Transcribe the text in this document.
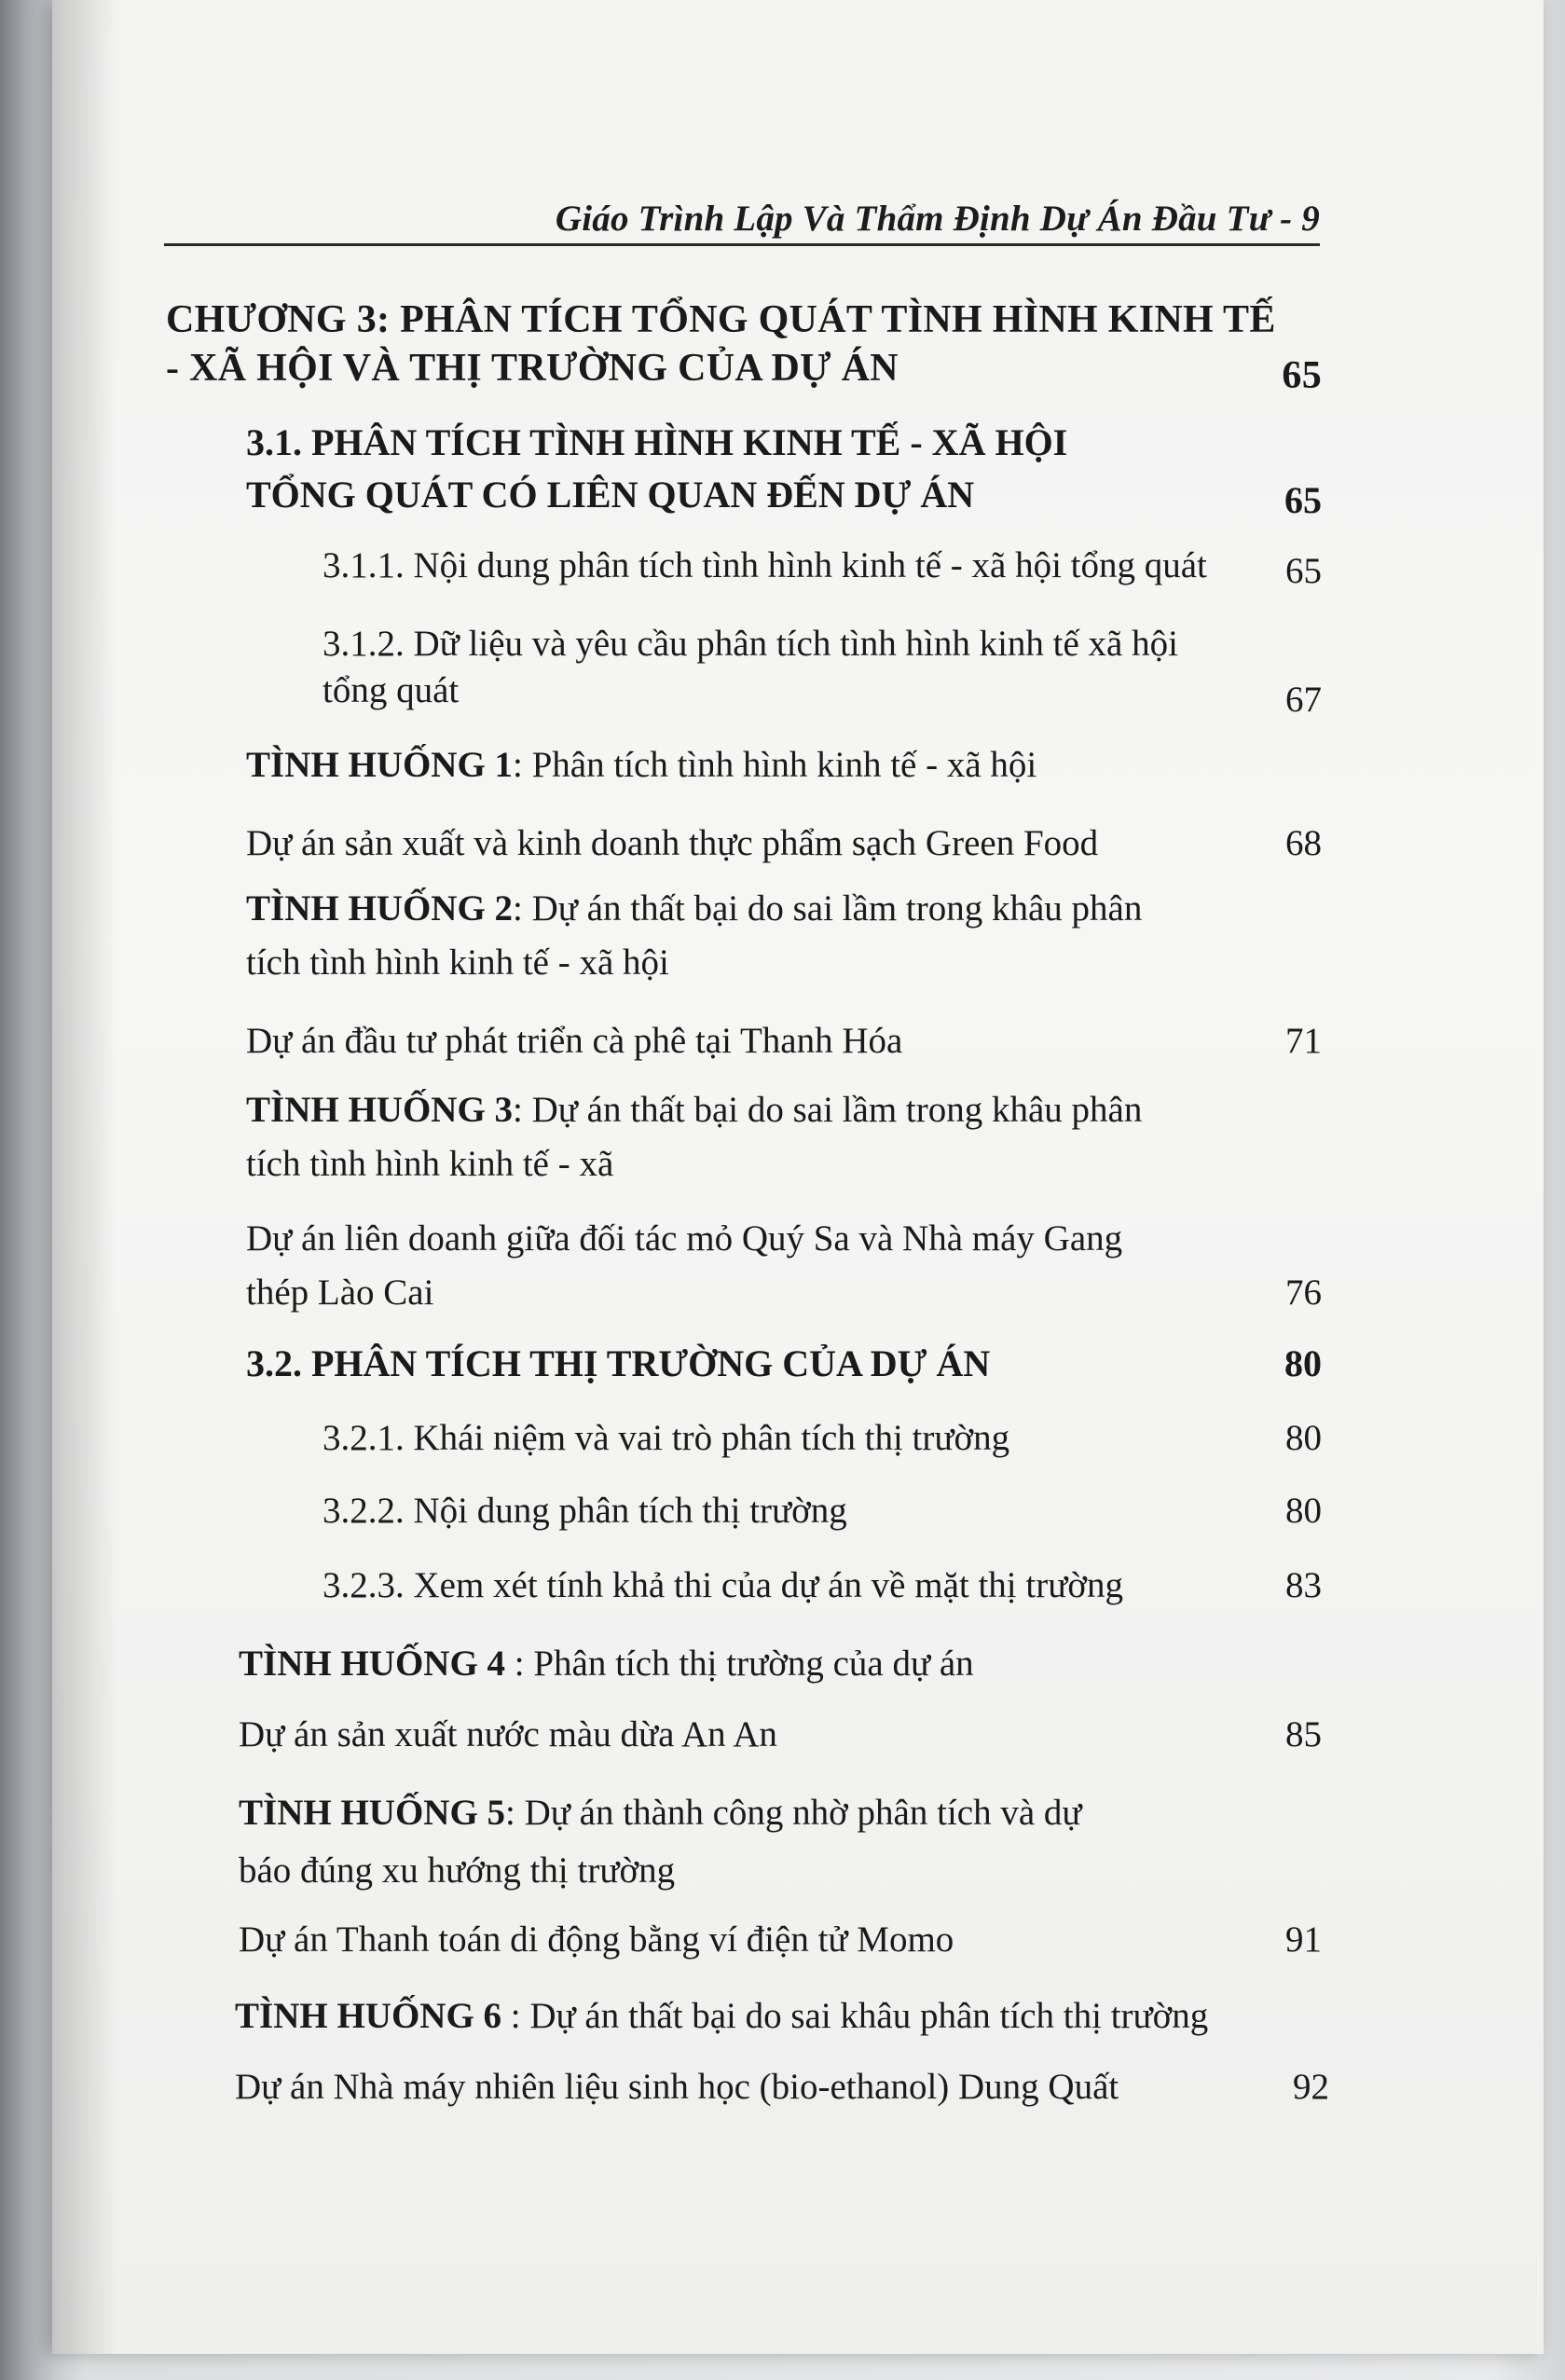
Giáo Trình Lập Và Thẩm Định Dự Án Đầu Tư - 9
CHƯƠNG 3: PHÂN TÍCH TỔNG QUÁT TÌNH HÌNH KINH TẾ
- XÃ HỘI VÀ THỊ TRƯỜNG CỦA DỰ ÁN	65
3.1. PHÂN TÍCH TÌNH HÌNH KINH TẾ - XÃ HỘI
TỔNG QUÁT CÓ LIÊN QUAN ĐẾN DỰ ÁN	65
3.1.1. Nội dung phân tích tình hình kinh tế - xã hội tổng quát	65
3.1.2. Dữ liệu và yêu cầu phân tích tình hình kinh tế xã hội
tổng quát	67
TÌNH HUỐNG 1: Phân tích tình hình kinh tế - xã hội
Dự án sản xuất và kinh doanh thực phẩm sạch Green Food	68
TÌNH HUỐNG 2: Dự án thất bại do sai lầm trong khâu phân
tích tình hình kinh tế - xã hội
Dự án đầu tư phát triển cà phê tại Thanh Hóa	71
TÌNH HUỐNG 3: Dự án thất bại do sai lầm trong khâu phân
tích tình hình kinh tế - xã
Dự án liên doanh giữa đối tác mỏ Quý Sa và Nhà máy Gang
thép Lào Cai	76
3.2. PHÂN TÍCH THỊ TRƯỜNG CỦA DỰ ÁN	80
3.2.1. Khái niệm và vai trò phân tích thị trường	80
3.2.2. Nội dung phân tích thị trường	80
3.2.3. Xem xét tính khả thi của dự án về mặt thị trường	83
TÌNH HUỐNG 4 : Phân tích thị trường của dự án
Dự án sản xuất nước màu dừa An An	85
TÌNH HUỐNG 5: Dự án thành công nhờ phân tích và dự
báo đúng xu hướng thị trường
Dự án Thanh toán di động bằng ví điện tử Momo	91
TÌNH HUỐNG 6 : Dự án thất bại do sai khâu phân tích thị trường
Dự án Nhà máy nhiên liệu sinh học (bio-ethanol) Dung Quất	92
